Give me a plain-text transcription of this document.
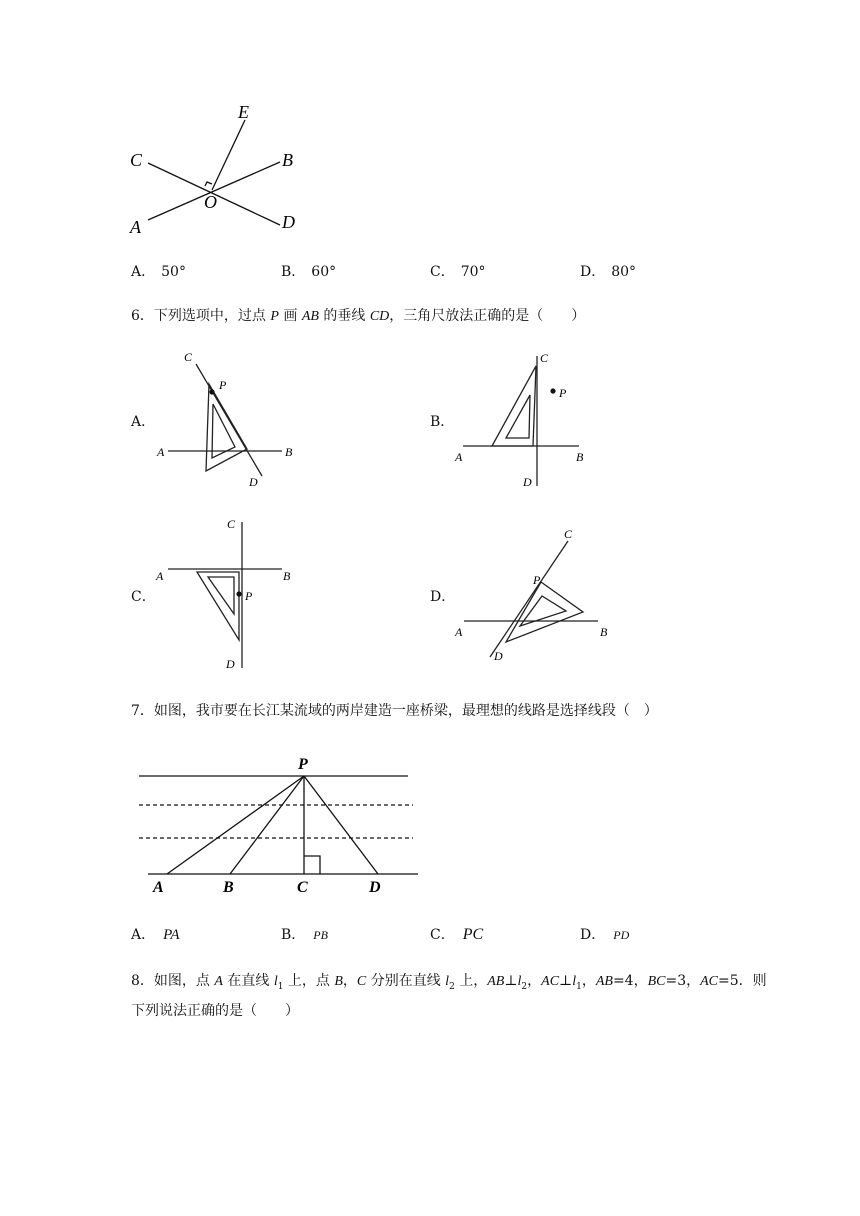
E
C	B
O
A	D
A． 50°	B． 60°	C． 70°	D． 80°
6．下列选项中，过点 P 画 AB 的垂线 CD，三角尺放法正确的是（　　）
A．
C
P
A	B
D
B．
C
P
A	B
D
C．
C
P
A	B
D
D．
C
P
A	B
D
7．如图，我市要在长江某流域的两岸建造一座桥梁，最理想的线路是选择线段（　）
P
A	B	C	D
A． PA	B． PB	C． PC	D． PD
8．如图，点 A 在直线 $l_1$ 上，点 B，C 分别在直线 $l_2$ 上，$AB\perp l_2$，$AC\perp l_1$，AB=4，BC=3，AC=5．则
下列说法正确的是（　　）
